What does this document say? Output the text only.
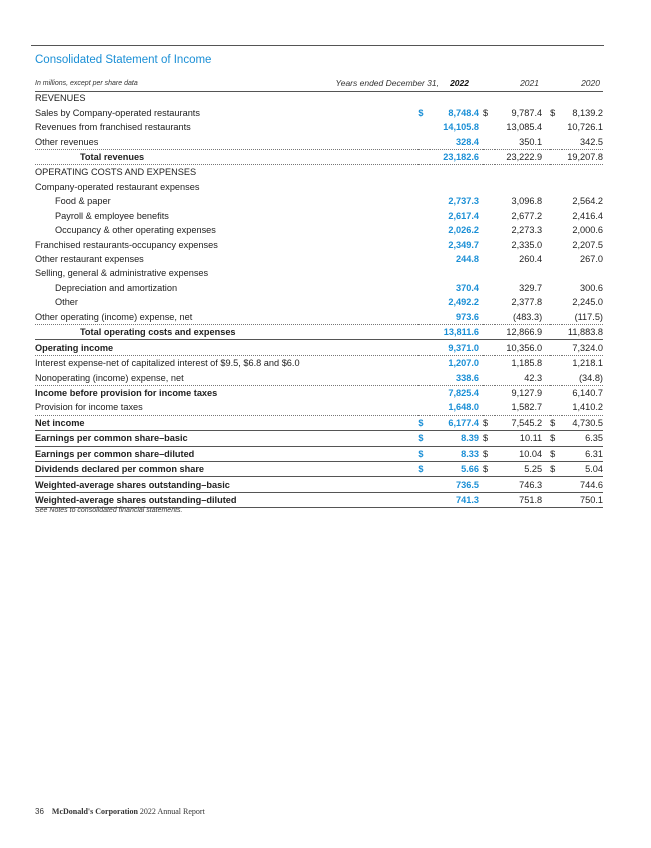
Consolidated Statement of Income
In millions, except per share data	Years ended December 31, 2022	2021	2020
REVENUES						
Sales by Company-operated restaurants	$	8,748.4	$	9,787.4	$	8,139.2
Revenues from franchised restaurants		14,105.8		13,085.4		10,726.1
Other revenues		328.4		350.1		342.5
Total revenues		23,182.6		23,222.9		19,207.8
OPERATING COSTS AND EXPENSES						
Company-operated restaurant expenses						
Food & paper		2,737.3		3,096.8		2,564.2
Payroll & employee benefits		2,617.4		2,677.2		2,416.4
Occupancy & other operating expenses		2,026.2		2,273.3		2,000.6
Franchised restaurants-occupancy expenses		2,349.7		2,335.0		2,207.5
Other restaurant expenses		244.8		260.4		267.0
Selling, general & administrative expenses						
Depreciation and amortization		370.4		329.7		300.6
Other		2,492.2		2,377.8		2,245.0
Other operating (income) expense, net		973.6		(483.3)		(117.5)
Total operating costs and expenses		13,811.6		12,866.9		11,883.8
Operating income		9,371.0		10,356.0		7,324.0
Interest expense-net of capitalized interest of $9.5, $6.8 and $6.0		1,207.0		1,185.8		1,218.1
Nonoperating (income) expense, net		338.6		42.3		(34.8)
Income before provision for income taxes		7,825.4		9,127.9		6,140.7
Provision for income taxes		1,648.0		1,582.7		1,410.2
Net income	$	6,177.4	$	7,545.2	$	4,730.5
Earnings per common share–basic	$	8.39	$	10.11	$	6.35
Earnings per common share–diluted	$	8.33	$	10.04	$	6.31
Dividends declared per common share	$	5.66	$	5.25	$	5.04
Weighted-average shares outstanding–basic		736.5		746.3		744.6
Weighted-average shares outstanding–diluted		741.3		751.8		750.1
See Notes to consolidated financial statements.
36 McDonald's Corporation 2022 Annual Report
